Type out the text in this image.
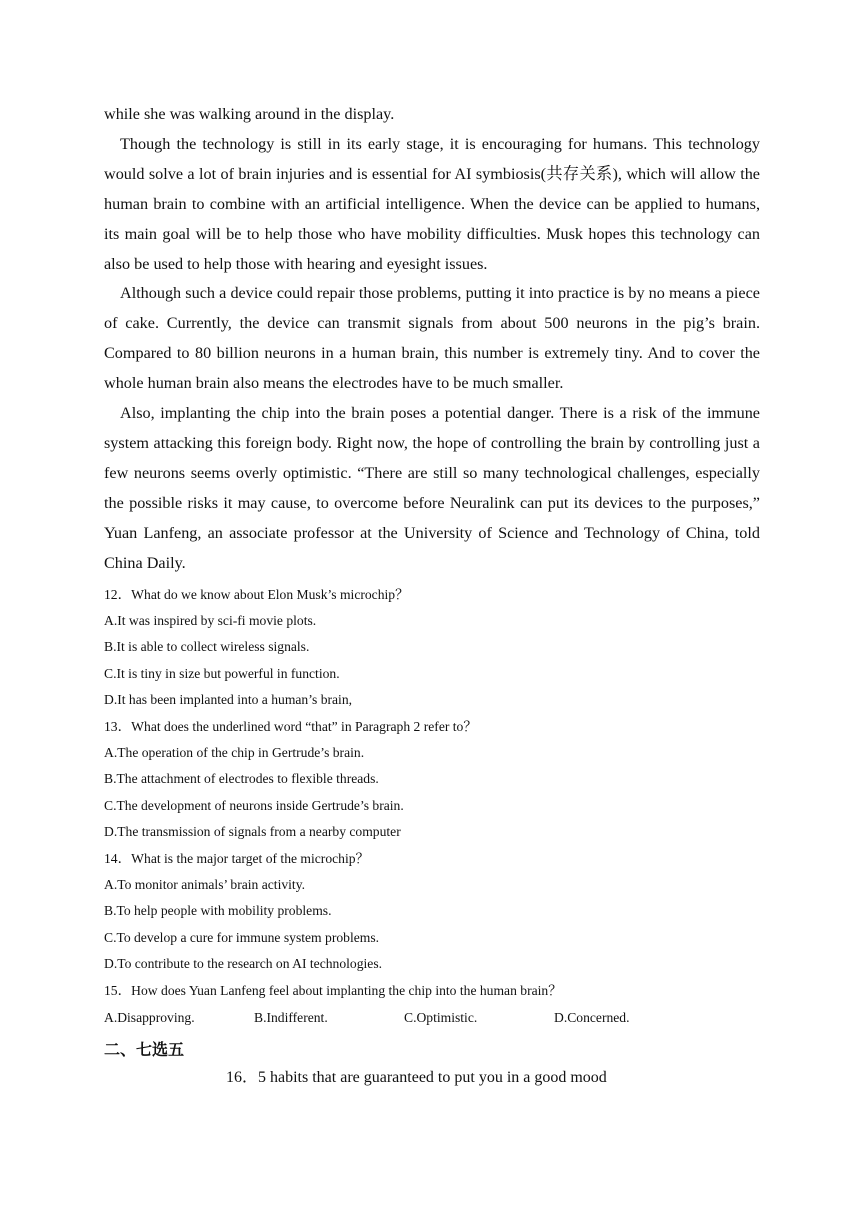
while she was walking around in the display.

Though the technology is still in its early stage, it is encouraging for humans. This technology would solve a lot of brain injuries and is essential for AI symbiosis(共存关系), which will allow the human brain to combine with an artificial intelligence. When the device can be applied to humans, its main goal will be to help those who have mobility difficulties. Musk hopes this technology can also be used to help those with hearing and eyesight issues.

Although such a device could repair those problems, putting it into practice is by no means a piece of cake. Currently, the device can transmit signals from about 500 neurons in the pig’s brain. Compared to 80 billion neurons in a human brain, this number is extremely tiny. And to cover the whole human brain also means the electrodes have to be much smaller.

Also, implanting the chip into the brain poses a potential danger. There is a risk of the immune system attacking this foreign body. Right now, the hope of controlling the brain by controlling just a few neurons seems overly optimistic. “There are still so many technological challenges, especially the possible risks it may cause, to overcome before Neuralink can put its devices to the purposes,” Yuan Lanfeng, an associate professor at the University of Science and Technology of China, told China Daily.

12．What do we know about Elon Musk’s microchip？

A.It was inspired by sci-fi movie plots.

B.It is able to collect wireless signals.

C.It is tiny in size but powerful in function.

D.It has been implanted into a human’s brain,

13．What does the underlined word “that” in Paragraph 2 refer to？

A.The operation of the chip in Gertrude’s brain.

B.The attachment of electrodes to flexible threads.

C.The development of neurons inside Gertrude’s brain.

D.The transmission of signals from a nearby computer

14．What is the major target of the microchip？

A.To monitor animals’ brain activity.

B.To help people with mobility problems.

C.To develop a cure for immune system problems.

D.To contribute to the research on AI technologies.

15．How does Yuan Lanfeng feel about implanting the chip into the human brain？

A.Disapproving.	B.Indifferent.	C.Optimistic.	D.Concerned.
二、七选五

16．5 habits that are guaranteed to put you in a good mood
